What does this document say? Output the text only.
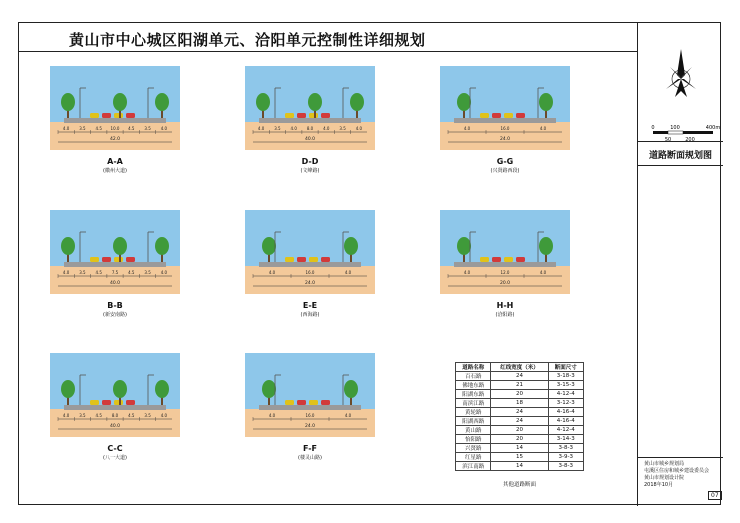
黄山市中心城区阳湖单元、洽阳单元控制性详细规划
0
50
100
200
400m
道路断面规划图
黄山市城乡规划局
屯溪区住房和城乡建设委员会
黄山市规划设计院
2018年10月
07
4.0 3.5 4.5 10.0 4.5 3.5 4.0
42.0
A-A
(徽州大道)
4.0 3.5 4.0 8.0 4.0 3.5 4.0
40.0
D-D
(文峰路)
4.0	16.0	4.0
24.0
G-G
(兴贤路西段)
4.0 3.5 4.5 7.5 4.5 3.5 4.0
40.0
B-B
(新安南路)
4.0	16.0	4.0
24.0
E-E
(西海路)
4.0	12.0	4.0
20.0
H-H
(洽阳路)
4.0 3.5 4.5 8.0 4.5 3.5 4.0
40.0
C-C
(八一大道)
4.0	16.0	4.0
24.0
F-F
(楼灵山路)
道路名称	红线宽度（米）	断面尺寸
百石路	24	3-18-3
佛地东路	21	3-15-3
阳湖东路	20	4-12-4
南滨江路	18	3-12-3
黄轮路	24	4-16-4
阳湖西路	24	4-16-4
黄山路	20	4-12-4
怡阳路	20	3-14-3
兴贤路	14	3-8-3
红星路	15	3-9-3
滨江南路	14	3-8-3
其他道路断面
